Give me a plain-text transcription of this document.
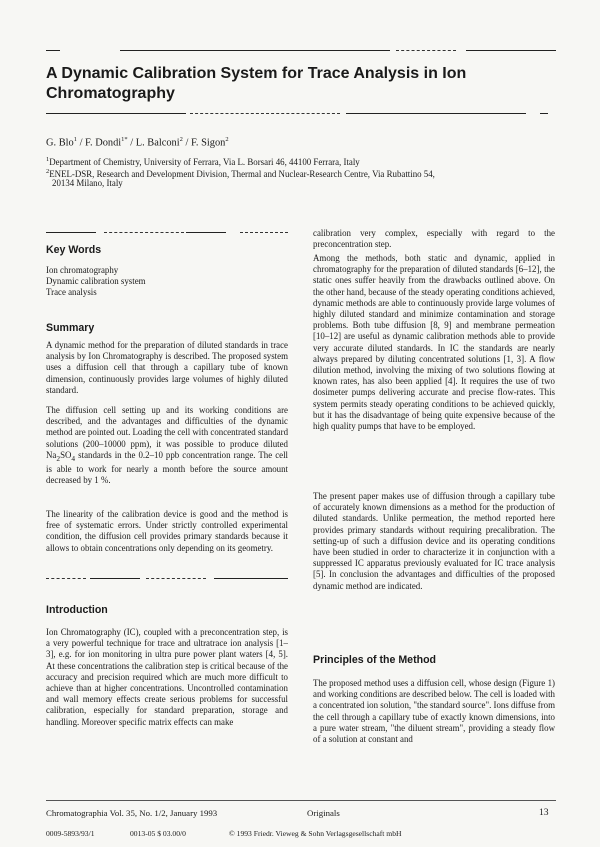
A Dynamic Calibration System for Trace Analysis in Ion Chromatography
G. Blo$^1$ / F. Dondi$^{1*}$ / L. Balconi$^2$ / F. Sigon$^2$
$^1$Department of Chemistry, University of Ferrara, Via L. Borsari 46, 44100 Ferrara, Italy
$^2$ENEL-DSR, Research and Development Division, Thermal and Nuclear-Research Centre, Via Rubattino 54,
20134 Milano, Italy
Key Words
Ion chromatography
Dynamic calibration system
Trace analysis
Summary

A dynamic method for the preparation of diluted standards in trace analysis by Ion Chromatography is described. The proposed system uses a diffusion cell that through a capillary tube of known dimension, continuously provides large volumes of highly diluted standard.

The diffusion cell setting up and its working conditions are described, and the advantages and difficulties of the dynamic method are pointed out. Loading the cell with concentrated standard solutions (200–10000 ppm), it was possible to produce diluted $Na_2SO_4$ standards in the 0.2–10 ppb concentration range. The cell is able to work for nearly a month before the source amount decreased by 1 %.

The linearity of the calibration device is good and the method is free of systematic errors. Under strictly controlled experimental condition, the diffusion cell provides primary standards because it allows to obtain concentrations only depending on its geometry.

Introduction

Ion Chromatography (IC), coupled with a preconcentration step, is a very powerful technique for trace and ultratrace ion analysis [1–3], e.g. for ion monitoring in ultra pure power plant waters [4, 5]. At these concentrations the calibration step is critical because of the accuracy and precision required which are much more difficult to achieve than at higher concentrations. Uncontrolled contamination and wall memory effects create serious problems for successful calibration, especially for standard preparation, storage and handling. Moreover specific matrix effects can make

calibration very complex, especially with regard to the preconcentration step.

Among the methods, both static and dynamic, applied in chromatography for the preparation of diluted standards [6–12], the static ones suffer heavily from the drawbacks outlined above. On the other hand, because of the steady operating conditions achieved, dynamic methods are able to continuously provide large volumes of highly diluted standard and minimize contamination and storage problems. Both tube diffusion [8, 9] and membrane permeation [10–12] are useful as dynamic calibration methods able to provide very accurate diluted standards. In IC the standards are nearly always prepared by diluting concentrated solutions [1, 3]. A flow dilution method, involving the mixing of two solutions flowing at known rates, has also been applied [4]. It requires the use of two dosimeter pumps delivering accurate and precise flow-rates. This system permits steady operating conditions to be achieved quickly, but it has the disadvantage of being quite expensive because of the high quality pumps that have to be employed.

The present paper makes use of diffusion through a capillary tube of accurately known dimensions as a method for the production of diluted standards. Unlike permeation, the method reported here provides primary standards without requiring precalibration. The setting-up of such a diffusion device and its operating conditions have been studied in order to characterize it in conjunction with a suppressed IC apparatus previously evaluated for IC trace analysis [5]. In conclusion the advantages and difficulties of the proposed dynamic method are indicated.

Principles of the Method

The proposed method uses a diffusion cell, whose design (Figure 1) and working conditions are described below. The cell is loaded with a concentrated ion solution, "the standard source". Ions diffuse from the cell through a capillary tube of exactly known dimensions, into a pure water stream, "the diluent stream", providing a steady flow of a solution at constant and

Chromatographia Vol. 35, No. 1/2, January 1993	Originals	13
0009-5893/93/1	0013-05 $ 03.00/0	© 1993 Friedr. Vieweg & Sohn Verlagsgesellschaft mbH
